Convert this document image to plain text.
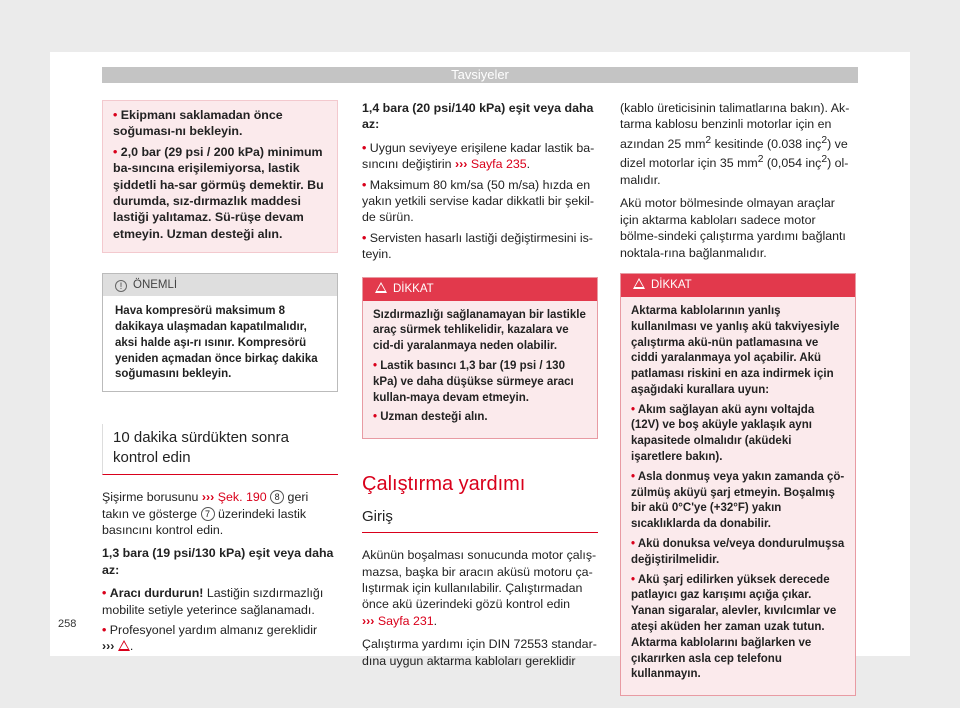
Tavsiyeler
• Ekipmanı saklamadan önce soğuması-nı bekleyin.
• 2,0 bar (29 psi / 200 kPa) minimum ba-sıncına erişilemiyorsa, lastik şiddetli ha-sar görmüş demektir. Bu durumda, sız-dırmazlık maddesi lastiği yalıtamaz. Sü-rüşe devam etmeyin. Uzman desteği alın.
! ÖNEMLİ
Hava kompresörü maksimum 8 dakikaya ulaşmadan kapatılmalıdır, aksi halde aşı-rı ısınır. Kompresörü yeniden açmadan önce birkaç dakika soğumasını bekleyin.
10 dakika sürdükten sonra kontrol edin

Şişirme borusunu ››› Şek. 190 8 geri takın ve gösterge 7 üzerindeki lastik basıncını kontrol edin.

1,3 bara (19 psi/130 kPa) eşit veya daha az:

• Aracı durdurun! Lastiğin sızdırmazlığı mobilite setiyle yeterince sağlanamadı.
• Profesyonel yardım almanız gereklidir
››› .

1,4 bara (20 psi/140 kPa) eşit veya daha az:

• Uygun seviyeye erişilene kadar lastik ba-sıncını değiştirin ››› Sayfa 235.
• Maksimum 80 km/sa (50 m/sa) hızda en yakın yetkili servise kadar dikkatli bir şekil-de sürün.
• Servisten hasarlı lastiği değiştirmesini is-teyin.
DİKKAT
Sızdırmazlığı sağlanamayan bir lastikle araç sürmek tehlikelidir, kazalara ve cid-di yaralanmaya neden olabilir.
• Lastik basıncı 1,3 bar (19 psi / 130 kPa) ve daha düşükse sürmeye aracı kullan-maya devam etmeyin.
• Uzman desteği alın.
Çalıştırma yardımı
Giriş

Akünün boşalması sonucunda motor çalış-mazsa, başka bir aracın aküsü motoru ça-lıştırmak için kullanılabilir. Çalıştırmadan önce akü üzerindeki gözü kontrol edin
››› Sayfa 231.

Çalıştırma yardımı için DIN 72553 standar-dına uygun aktarma kabloları gereklidir

(kablo üreticisinin talimatlarına bakın). Ak-tarma kablosu benzinli motorlar için en azından 25 $mm^2$ kesitinde (0.038 inç$^2$) ve dizel motorlar için 35 $mm^2$ (0,054 inç$^2$) ol-malıdır.

Akü motor bölmesinde olmayan araçlar için aktarma kabloları sadece motor bölme-sindeki çalıştırma yardımı bağlantı noktala-rına bağlanmalıdır.

DİKKAT
Aktarma kablolarının yanlış kullanılması ve yanlış akü takviyesiyle çalıştırma akü-nün patlamasına ve ciddi yaralanmaya yol açabilir. Akü patlaması riskini en aza indirmek için aşağıdaki kurallara uyun:
• Akım sağlayan akü aynı voltajda (12V) ve boş aküyle yaklaşık aynı kapasitede olmalıdır (aküdeki işaretlere bakın).
• Asla donmuş veya yakın zamanda çö-zülmüş aküyü şarj etmeyin. Boşalmış bir akü 0°C'ye (+32°F) yakın sıcaklıklarda da donabilir.
• Akü donuksa ve/veya dondurulmuşsa değiştirilmelidir.
• Akü şarj edilirken yüksek derecede patlayıcı gaz karışımı açığa çıkar. Yanan sigaralar, alevler, kıvılcımlar ve ateşi aküden her zaman uzak tutun. Aktarma kablolarını bağlarken ve çıkarırken asla cep telefonu kullanmayın.
258
